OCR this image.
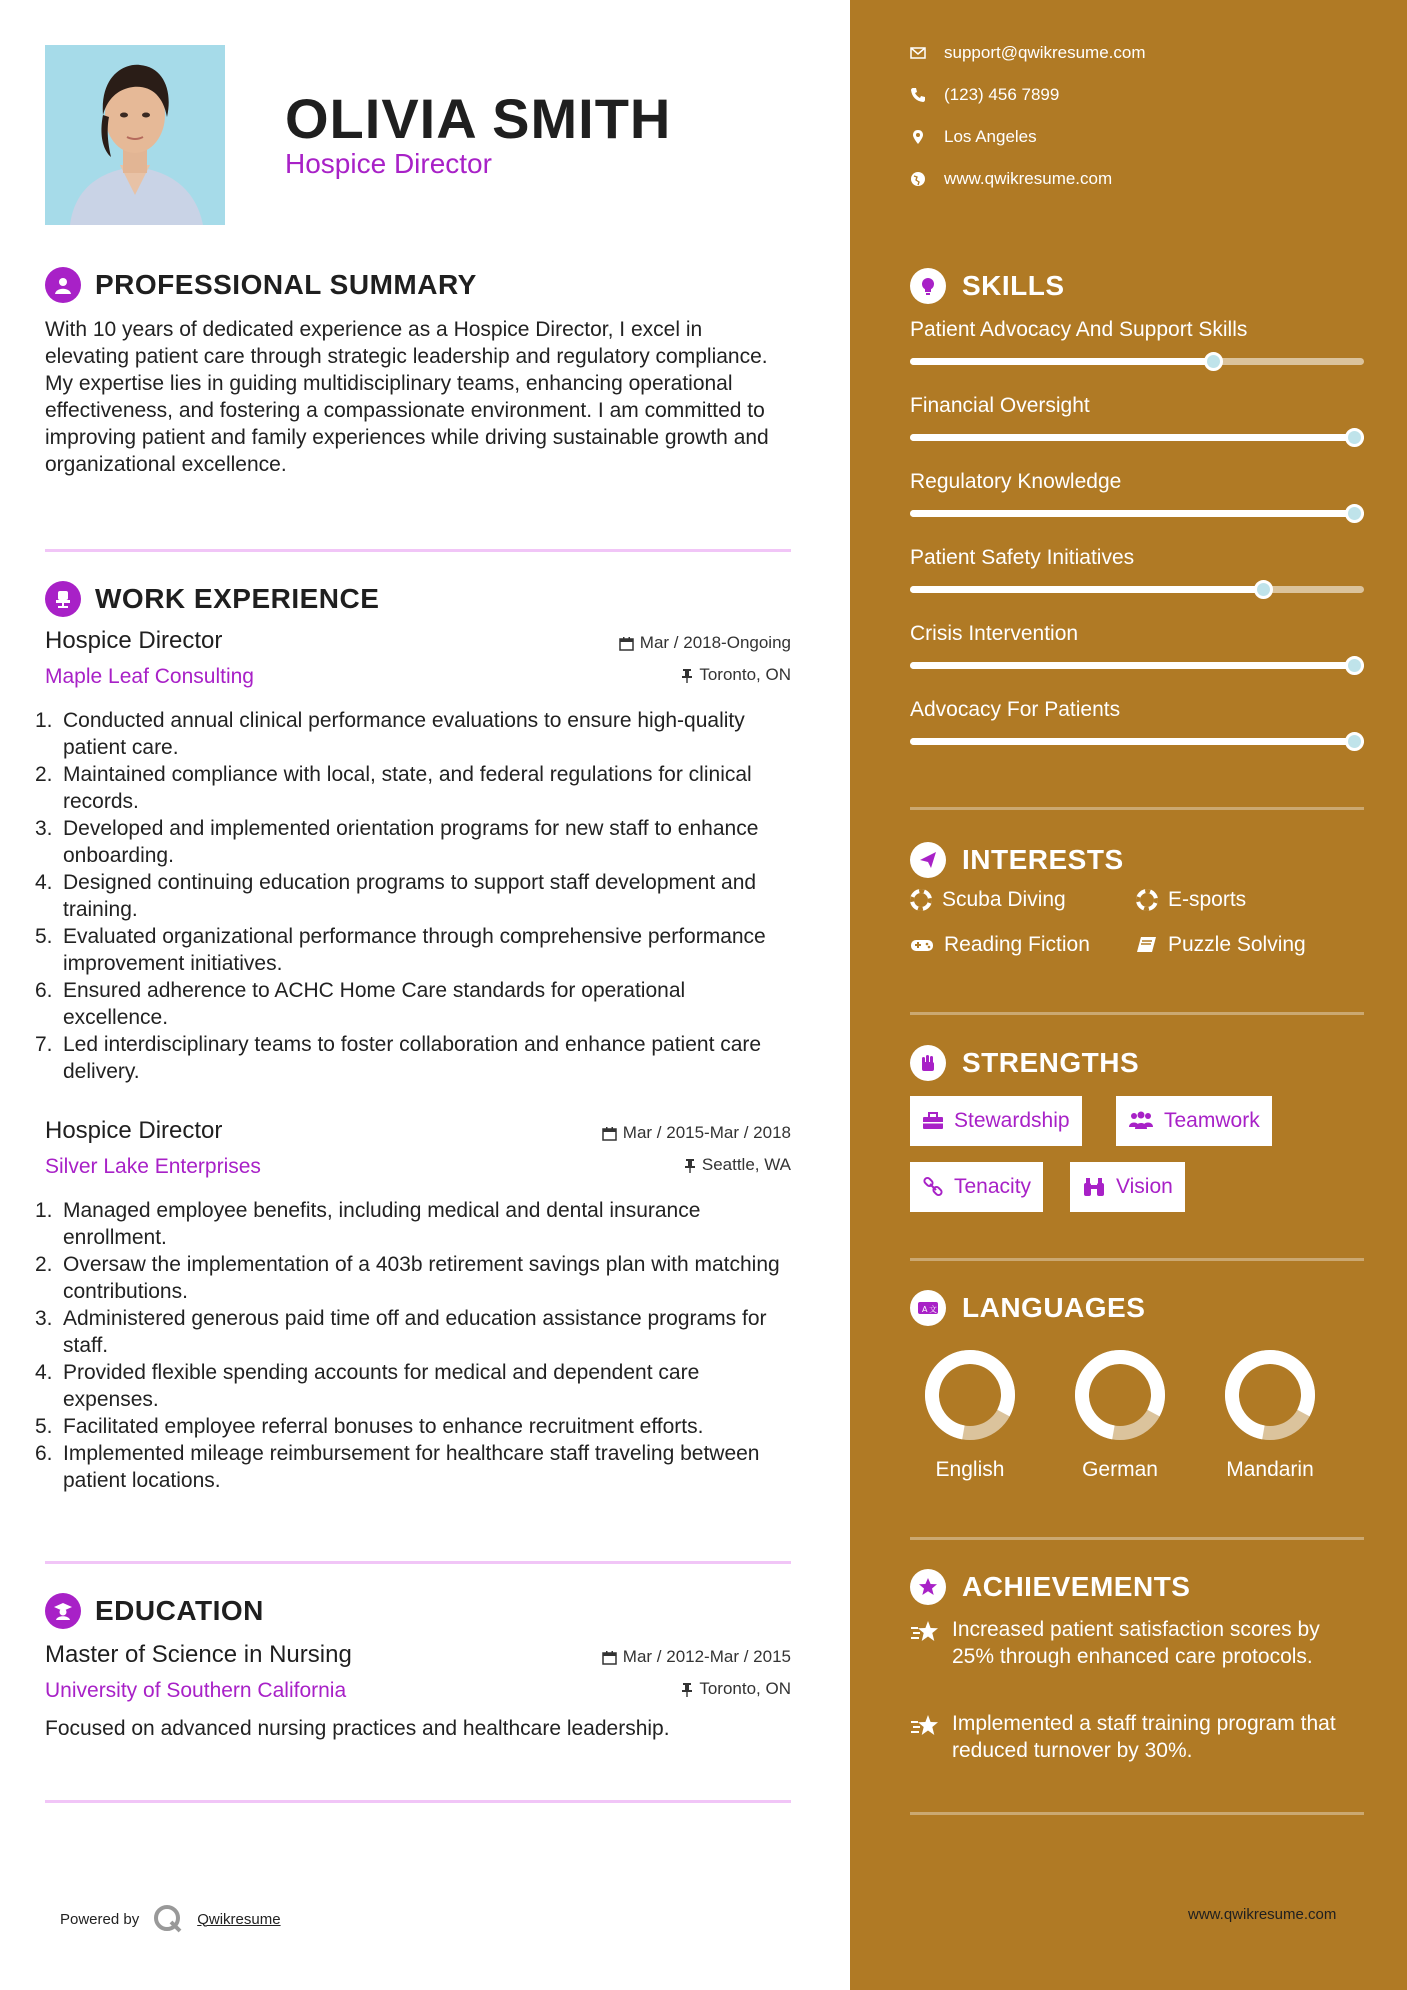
OLIVIA SMITH
Hospice Director
PROFESSIONAL SUMMARY
With 10 years of dedicated experience as a Hospice Director, I excel in elevating patient care through strategic leadership and regulatory compliance. My expertise lies in guiding multidisciplinary teams, enhancing operational effectiveness, and fostering a compassionate environment. I am committed to improving patient and family experiences while driving sustainable growth and organizational excellence.
WORK EXPERIENCE
Hospice Director
Maple Leaf Consulting
Mar / 2018-Ongoing
Toronto, ON
1. Conducted annual clinical performance evaluations to ensure high-quality patient care.
2. Maintained compliance with local, state, and federal regulations for clinical records.
3. Developed and implemented orientation programs for new staff to enhance onboarding.
4. Designed continuing education programs to support staff development and training.
5. Evaluated organizational performance through comprehensive performance improvement initiatives.
6. Ensured adherence to ACHC Home Care standards for operational excellence.
7. Led interdisciplinary teams to foster collaboration and enhance patient care delivery.
Hospice Director
Silver Lake Enterprises
Mar / 2015-Mar / 2018
Seattle, WA
1. Managed employee benefits, including medical and dental insurance enrollment.
2. Oversaw the implementation of a 403b retirement savings plan with matching contributions.
3. Administered generous paid time off and education assistance programs for staff.
4. Provided flexible spending accounts for medical and dependent care expenses.
5. Facilitated employee referral bonuses to enhance recruitment efforts.
6. Implemented mileage reimbursement for healthcare staff traveling between patient locations.
EDUCATION
Master of Science in Nursing
University of Southern California
Mar / 2012-Mar / 2015
Toronto, ON
Focused on advanced nursing practices and healthcare leadership.
Powered by	Qwikresume
support@qwikresume.com
(123) 456 7899
Los Angeles
www.qwikresume.com
SKILLS
Patient Advocacy And Support Skills
Financial Oversight
Regulatory Knowledge
Patient Safety Initiatives
Crisis Intervention
Advocacy For Patients
INTERESTS
Scuba Diving	E-sports
Reading Fiction	Puzzle Solving
STRENGTHS
Stewardship	Teamwork
Tenacity	Vision
A 文 LANGUAGES
English	German	Mandarin
ACHIEVEMENTS
Increased patient satisfaction scores by 25% through enhanced care protocols.
Implemented a staff training program that reduced turnover by 30%.
www.qwikresume.com
